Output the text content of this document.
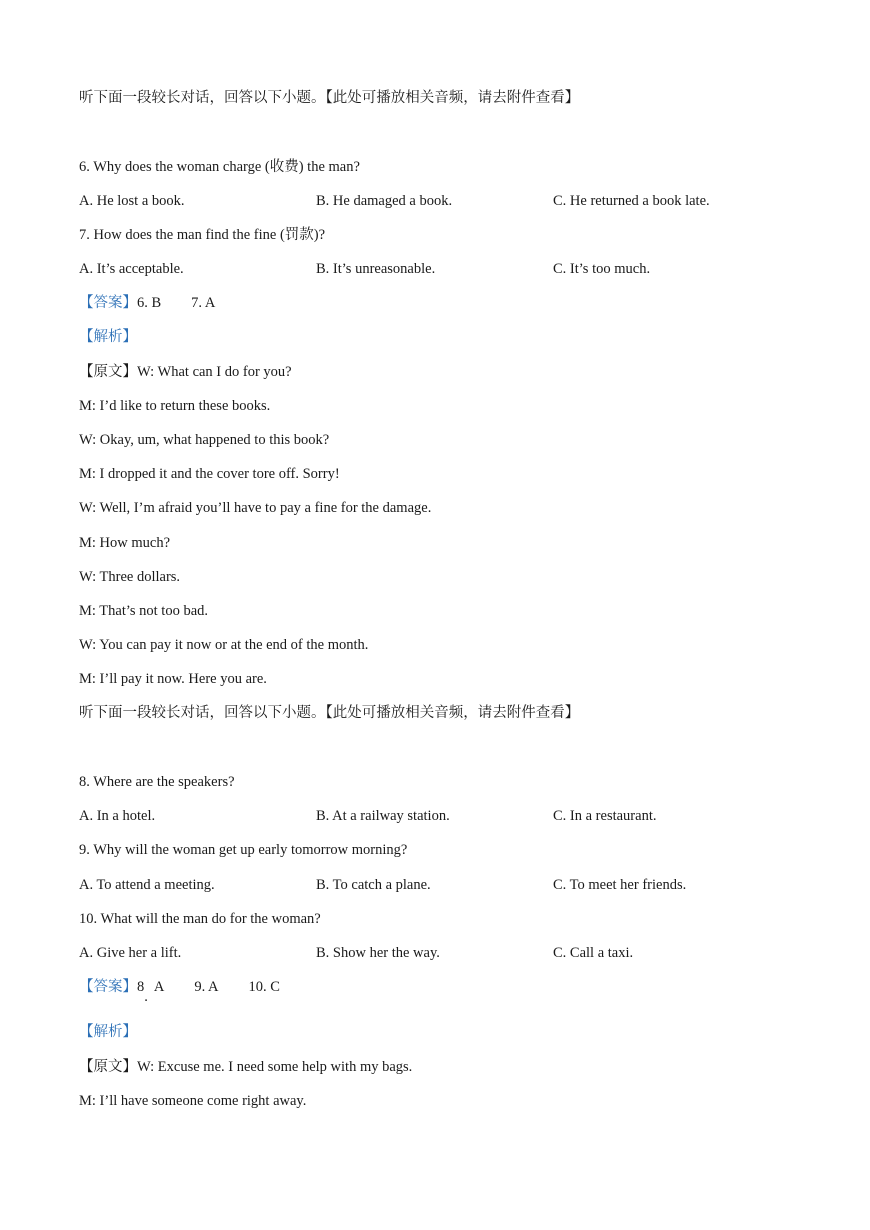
听下面一段较长对话，回答以下小题。【此处可播放相关音频，请去附件查看】
6. Why does the woman charge (收费) the man?
A. He lost a book.	B. He damaged a book.	C. He returned a book late.
7. How does the man find the fine (罚款)?
A. It’s acceptable.	B. It’s unreasonable.	C. It’s too much.
【答案】6. B 7. A
【解析】
【原文】W: What can I do for you?
M: I’d like to return these books.
W: Okay, um, what happened to this book?
M: I dropped it and the cover tore off. Sorry!
W: Well, I’m afraid you’ll have to pay a fine for the damage.
M: How much?
W: Three dollars.
M: That’s not too bad.
W: You can pay it now or at the end of the month.
M: I’ll pay it now. Here you are.
听下面一段较长对话，回答以下小题。【此处可播放相关音频，请去附件查看】
8. Where are the speakers?
A. In a hotel.	B. At a railway station.	C. In a restaurant.
9. Why will the woman get up early tomorrow morning?
A. To attend a meeting.	B. To catch a plane.	C. To meet her friends.
10. What will the man do for the woman?
A. Give her a lift.	B. Show her the way.	C. Call a taxi.
【答案】8.A 9. A 10. C
【解析】
【原文】W: Excuse me. I need some help with my bags.
M: I’ll have someone come right away.
